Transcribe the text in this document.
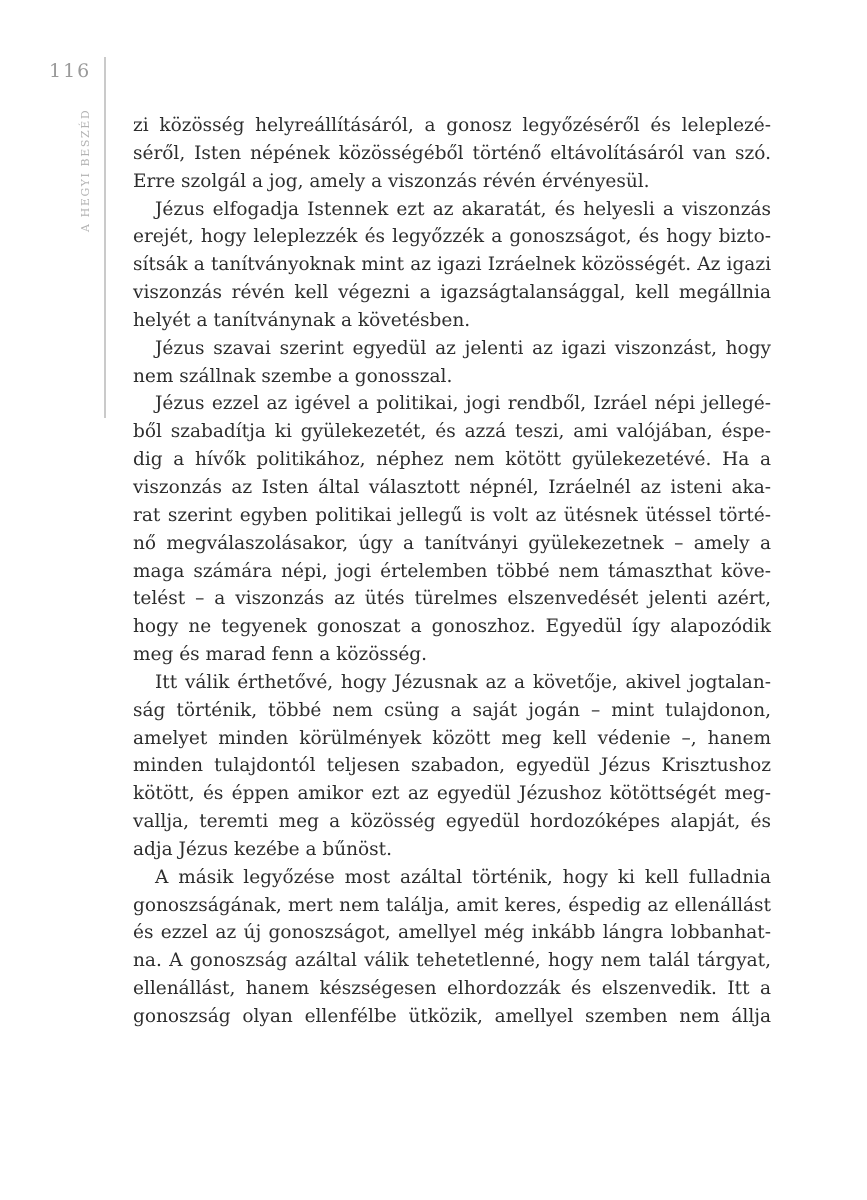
116
A HEGYI BESZÉD zi közösség helyreállításáról, a gonosz legyőzéséről és leleplezé-
séről, Isten népének közösségéből történő eltávolításáról van szó.
Erre szolgál a jog, amely a viszonzás révén érvényesül.

Jézus elfogadja Istennek ezt az akaratát, és helyesli a viszonzás
erejét, hogy leleplezzék és legyőzzék a gonoszságot, és hogy bizto-
sítsák a tanítványoknak mint az igazi Izráelnek közösségét. Az igazi
viszonzás révén kell végezni a igazságtalansággal, kell megállnia
helyét a tanítványnak a követésben.

Jézus szavai szerint egyedül az jelenti az igazi viszonzást, hogy
nem szállnak szembe a gonosszal.

Jézus ezzel az igével a politikai, jogi rendből, Izráel népi jellegé-
ből szabadítja ki gyülekezetét, és azzá teszi, ami valójában, éspe-
dig a hívők politikához, néphez nem kötött gyülekezetévé. Ha a
viszonzás az Isten által választott népnél, Izráelnél az isteni aka-
rat szerint egyben politikai jellegű is volt az ütésnek ütéssel törté-
nő megválaszolásakor, úgy a tanítványi gyülekezetnek – amely a
maga számára népi, jogi értelemben többé nem támaszthat köve-
telést – a viszonzás az ütés türelmes elszenvedését jelenti azért,
hogy ne tegyenek gonoszat a gonoszhoz. Egyedül így alapozódik
meg és marad fenn a közösség.

Itt válik érthetővé, hogy Jézusnak az a követője, akivel jogtalan-
ság történik, többé nem csüng a saját jogán – mint tulajdonon,
amelyet minden körülmények között meg kell védenie –, hanem
minden tulajdontól teljesen szabadon, egyedül Jézus Krisztushoz
kötött, és éppen amikor ezt az egyedül Jézushoz kötöttségét meg-
vallja, teremti meg a közösség egyedül hordozóképes alapját, és
adja Jézus kezébe a bűnöst.

A másik legyőzése most azáltal történik, hogy ki kell fulladnia
gonoszságának, mert nem találja, amit keres, éspedig az ellenállást
és ezzel az új gonoszságot, amellyel még inkább lángra lobbanhat-
na. A gonoszság azáltal válik tehetetlenné, hogy nem talál tárgyat,
ellenállást, hanem készségesen elhordozzák és elszenvedik. Itt a
gonoszság olyan ellenfélbe ütközik, amellyel szemben nem állja
